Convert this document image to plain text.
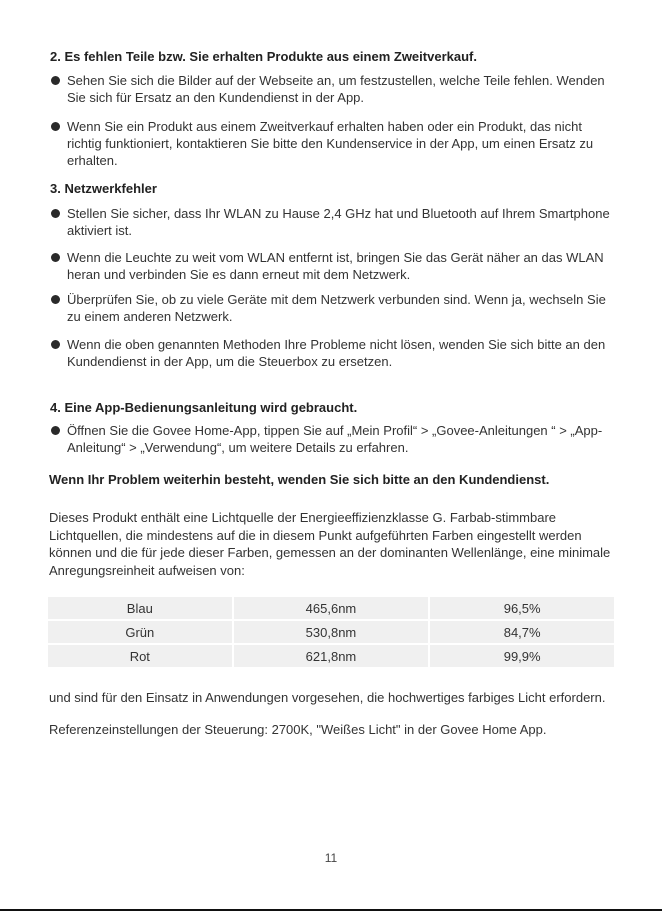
2. Es fehlen Teile bzw. Sie erhalten Produkte aus einem Zweitverkauf.
Sehen Sie sich die Bilder auf der Webseite an, um festzustellen, welche Teile fehlen. Wenden Sie sich für Ersatz an den Kundendienst in der App.
Wenn Sie ein Produkt aus einem Zweitverkauf erhalten haben oder ein Produkt, das nicht richtig funktioniert, kontaktieren Sie bitte den Kundenservice in der App, um einen Ersatz zu erhalten.
3. Netzwerkfehler
Stellen Sie sicher, dass Ihr WLAN zu Hause 2,4 GHz hat und Bluetooth auf Ihrem Smartphone aktiviert ist.
Wenn die Leuchte zu weit vom WLAN entfernt ist, bringen Sie das Gerät näher an das WLAN heran und verbinden Sie es dann erneut mit dem Netzwerk.
Überprüfen Sie, ob zu viele Geräte mit dem Netzwerk verbunden sind. Wenn ja, wechseln Sie zu einem anderen Netzwerk.
Wenn die oben genannten Methoden Ihre Probleme nicht lösen, wenden Sie sich bitte an den Kundendienst in der App, um die Steuerbox zu ersetzen.
4. Eine App-Bedienungsanleitung wird gebraucht.
Öffnen Sie die Govee Home-App, tippen Sie auf „Mein Profil“ > „Govee-Anleitungen “ > „App-Anleitung“ > „Verwendung“, um weitere Details zu erfahren.
Wenn Ihr Problem weiterhin besteht, wenden Sie sich bitte an den Kundendienst.

Dieses Produkt enthält eine Lichtquelle der Energieeffizienzklasse G. Farbab-stimmbare Lichtquellen, die mindestens auf die in diesem Punkt aufgeführten Farben eingestellt werden können und die für jede dieser Farben, gemessen an der dominanten Wellenlänge, eine minimale Anregungsreinheit aufweisen von:

Blau	465,6nm	96,5%
Grün	530,8nm	84,7%
Rot	621,8nm	99,9%

und sind für den Einsatz in Anwendungen vorgesehen, die hochwertiges farbiges Licht erfordern.

Referenzeinstellungen der Steuerung: 2700K, "Weißes Licht" in der Govee Home App.

11
